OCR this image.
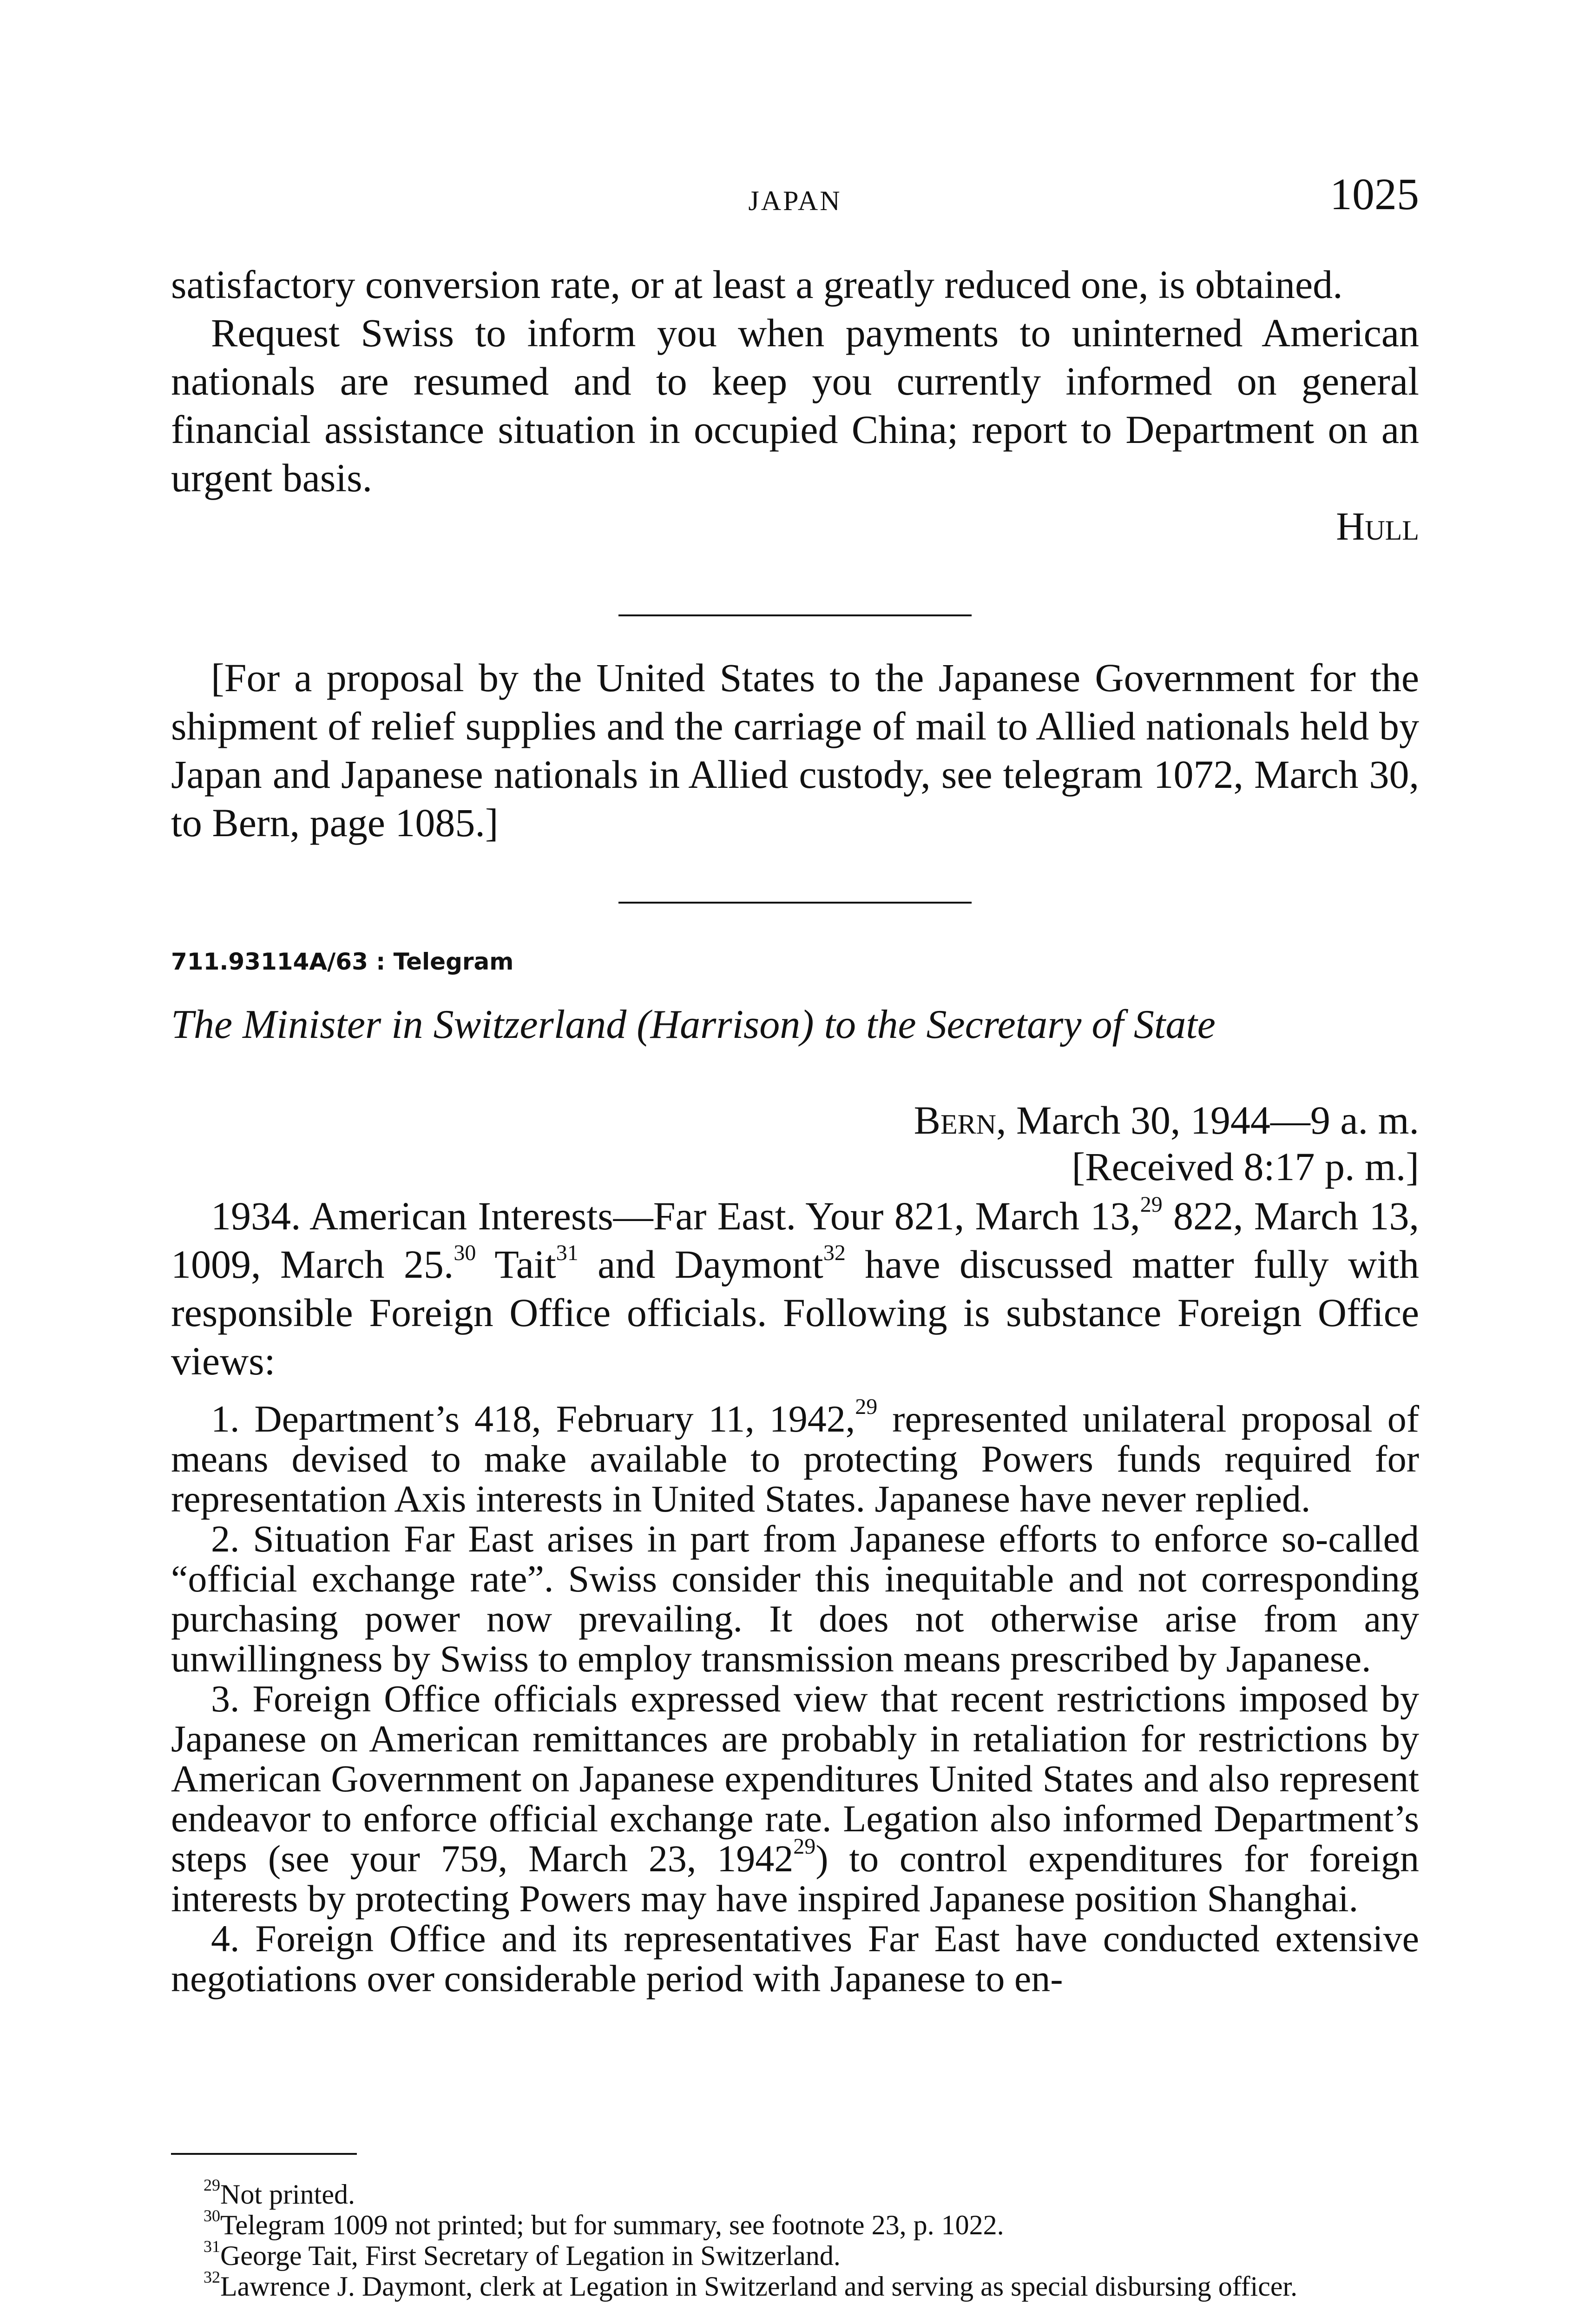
JAPAN	1025

satisfactory conversion rate, or at least a greatly reduced one, is obtained.

Request Swiss to inform you when payments to uninterned American nationals are resumed and to keep you currently informed on general financial assistance situation in occupied China; report to Department on an urgent basis.

Hull

[For a proposal by the United States to the Japanese Government for the shipment of relief supplies and the carriage of mail to Allied nationals held by Japan and Japanese nationals in Allied custody, see telegram 1072, March 30, to Bern, page 1085.]

711.93114A/63 : Telegram
The Minister in Switzerland (Harrison) to the Secretary of State
Bern, March 30, 1944—9 a. m.
[Received 8:17 p. m.]

1934. American Interests—Far East. Your 821, March 13,29 822, March 13, 1009, March 25.30 Tait$^{31}$ and Daymont$^{32}$ have discussed matter fully with responsible Foreign Office officials. Following is substance Foreign Office views:

1. Department’s 418, February 11, 1942,29 represented unilateral proposal of means devised to make available to protecting Powers funds required for representation Axis interests in United States. Japanese have never replied.

2. Situation Far East arises in part from Japanese efforts to enforce so-called “official exchange rate”. Swiss consider this inequitable and not corresponding purchasing power now prevailing. It does not otherwise arise from any unwillingness by Swiss to employ transmission means prescribed by Japanese.

3. Foreign Office officials expressed view that recent restrictions imposed by Japanese on American remittances are probably in retaliation for restrictions by American Government on Japanese expenditures United States and also represent endeavor to enforce official exchange rate. Legation also informed Department’s steps (see your 759, March 23, 1942$^{29}$) to control expenditures for foreign interests by protecting Powers may have inspired Japanese position Shanghai.

4. Foreign Office and its representatives Far East have conducted extensive negotiations over considerable period with Japanese to en-

$^{29}$Not printed.

$^{30}$Telegram 1009 not printed; but for summary, see footnote 23, p. 1022.

$^{31}$George Tait, First Secretary of Legation in Switzerland.

$^{32}$Lawrence J. Daymont, clerk at Legation in Switzerland and serving as special disbursing officer.
